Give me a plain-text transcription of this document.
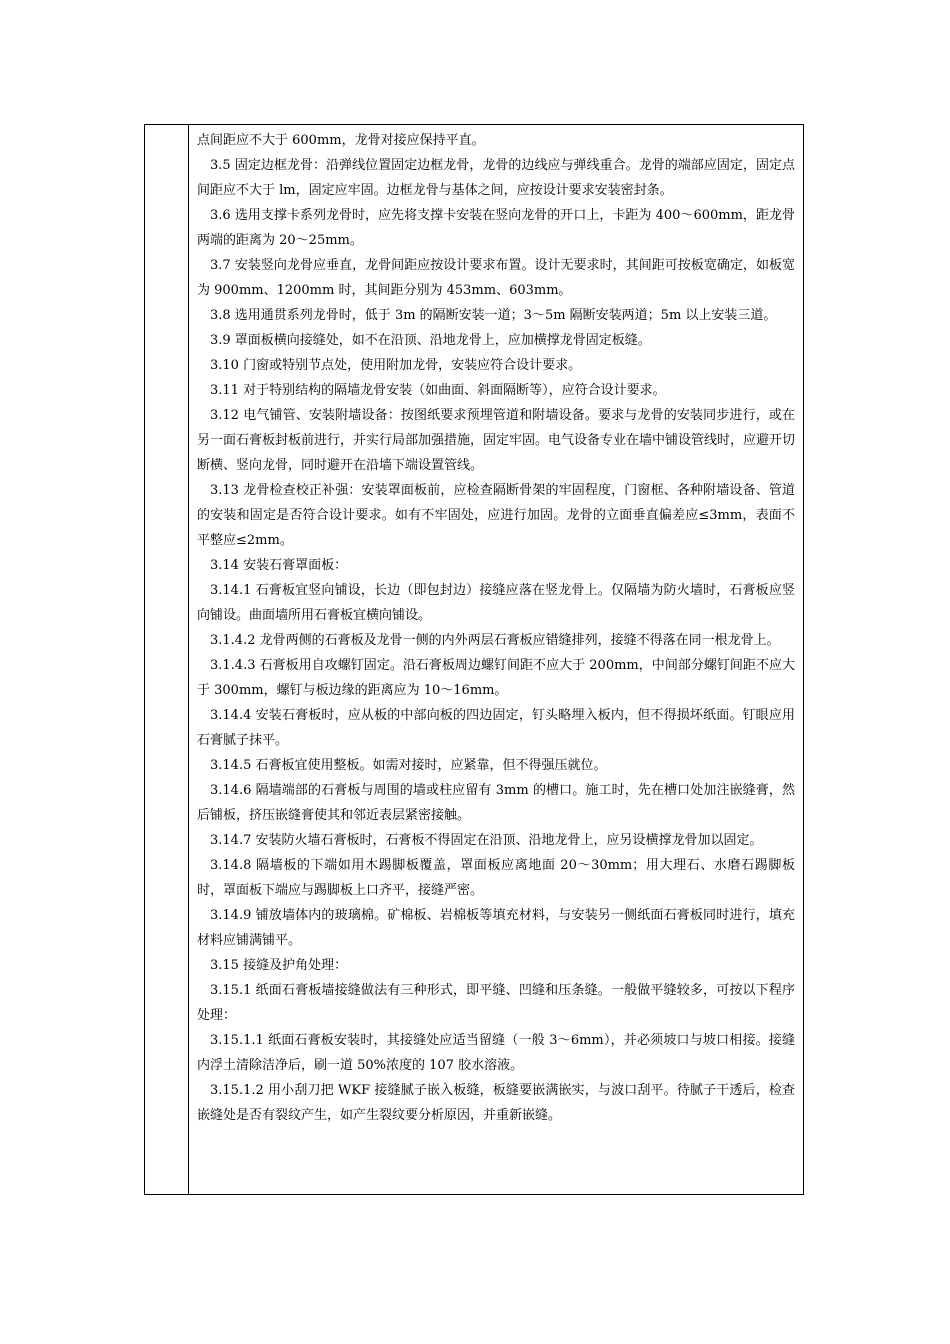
点间距应不大于 600mm，龙骨对接应保持平直。

3.5 固定边框龙骨：沿弹线位置固定边框龙骨，龙骨的边线应与弹线重合。龙骨的端部应固定，固定点间距应不大于 lm，固定应牢固。边框龙骨与基体之间，应按设计要求安装密封条。

3.6 选用支撑卡系列龙骨时，应先将支撑卡安装在竖向龙骨的开口上，卡距为 400～600mm，距龙骨两端的距离为 20～25mm。

3.7 安装竖向龙骨应垂直，龙骨间距应按设计要求布置。设计无要求时，其间距可按板宽确定，如板宽为 900mm、1200mm 时，其间距分别为 453mm、603mm。

3.8 选用通贯系列龙骨时，低于 3m 的隔断安装一道；3～5m 隔断安装两道；5m 以上安装三道。

3.9 罩面板横向接缝处，如不在沿顶、沿地龙骨上，应加横撑龙骨固定板缝。

3.10 门窗或特别节点处，使用附加龙骨，安装应符合设计要求。

3.11 对于特别结构的隔墙龙骨安装（如曲面、斜面隔断等），应符合设计要求。

3.12 电气铺管、安装附墙设备：按图纸要求预埋管道和附墙设备。要求与龙骨的安装同步进行，或在另一面石膏板封板前进行，并实行局部加强措施，固定牢固。电气设备专业在墙中铺设管线时，应避开切断横、竖向龙骨，同时避开在沿墙下端设置管线。

3.13 龙骨检查校正补强：安装罩面板前，应检查隔断骨架的牢固程度，门窗框、各种附墙设备、管道的安装和固定是否符合设计要求。如有不牢固处，应进行加固。龙骨的立面垂直偏差应≤3mm，表面不平整应≤2mm。

3.14 安装石膏罩面板：

3.14.1 石膏板宜竖向铺设，长边（即包封边）接缝应落在竖龙骨上。仅隔墙为防火墙时，石膏板应竖向铺设。曲面墙所用石膏板宜横向铺设。

3.1.4.2 龙骨两侧的石膏板及龙骨一侧的内外两层石膏板应错缝排列，接缝不得落在同一根龙骨上。

3.1.4.3 石膏板用自攻螺钉固定。沿石膏板周边螺钉间距不应大于 200mm，中间部分螺钉间距不应大于 300mm，螺钉与板边缘的距离应为 10～16mm。

3.14.4 安装石膏板时，应从板的中部向板的四边固定，钉头略埋入板内，但不得损坏纸面。钉眼应用石膏腻子抹平。

3.14.5 石膏板宜使用整板。如需对接时，应紧靠，但不得强压就位。

3.14.6 隔墙端部的石膏板与周围的墙或柱应留有 3mm 的槽口。施工时，先在槽口处加注嵌缝膏，然后铺板，挤压嵌缝膏使其和邻近表层紧密接触。

3.14.7 安装防火墙石膏板时，石膏板不得固定在沿顶、沿地龙骨上，应另设横撑龙骨加以固定。

3.14.8 隔墙板的下端如用木踢脚板覆盖，罩面板应离地面 20～30mm；用大理石、水磨石踢脚板时，罩面板下端应与踢脚板上口齐平，接缝严密。

3.14.9 铺放墙体内的玻璃棉。矿棉板、岩棉板等填充材料，与安装另一侧纸面石膏板同时进行，填充材料应铺满铺平。

3.15 接缝及护角处理：

3.15.1 纸面石膏板墙接缝做法有三种形式，即平缝、凹缝和压条缝。一般做平缝较多，可按以下程序处理：

3.15.1.1 纸面石膏板安装时，其接缝处应适当留缝（一般 3～6mm），并必须坡口与坡口相接。接缝内浮土清除洁净后，刷一道 50%浓度的 107 胶水溶液。

3.15.1.2 用小刮刀把 WKF 接缝腻子嵌入板缝，板缝要嵌满嵌实，与波口刮平。待腻子干透后，检查嵌缝处是否有裂纹产生，如产生裂纹要分析原因，并重新嵌缝。
